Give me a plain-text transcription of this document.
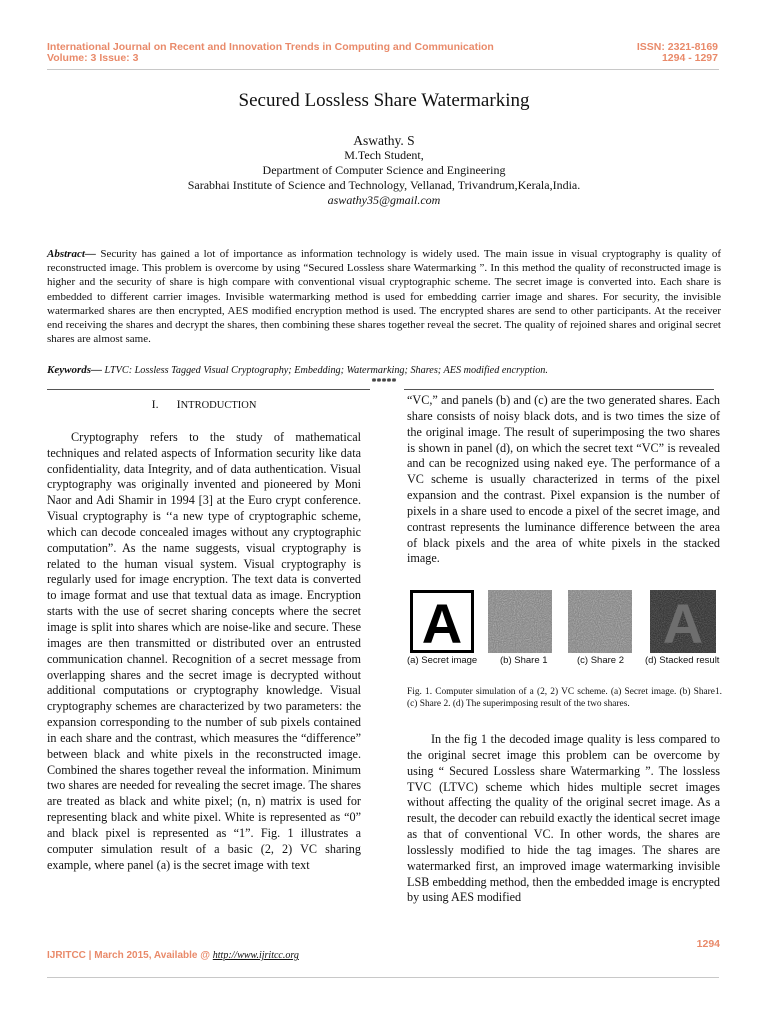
International Journal on Recent and Innovation Trends in Computing and Communication
Volume: 3 Issue: 3
ISSN: 2321-8169
1294 - 1297
Secured Lossless Share Watermarking
Aswathy. S
M.Tech Student,
Department of Computer Science and Engineering
Sarabhai Institute of Science and Technology, Vellanad, Trivandrum,Kerala,India.
aswathy35@gmail.com
Abstract— Security has gained a lot of importance as information technology is widely used. The main issue in visual cryptography is quality of reconstructed image. This problem is overcome by using “Secured Lossless share Watermarking ”. In this method the quality of reconstructed image is higher and the security of share is high compare with conventional visual cryptographic scheme. The secret image is converted into. Each share is embedded to different carrier images. Invisible watermarking method is used for embedding carrier image and shares. For security, the invisible watermarked shares are then encrypted, AES modified encryption method is used. The encrypted shares are send to other participants. At the receiver end receiving the shares and decrypt the shares, then combining these shares together reveal the secret. The quality of rejoined shares and original secret shares are almost same.
Keywords— LTVC: Lossless Tagged Visual Cryptography; Embedding; Watermarking; Shares; AES modified encryption.
*****

I. INTRODUCTION

Cryptography refers to the study of mathematical techniques and related aspects of Information security like data confidentiality, data Integrity, and of data authentication. Visual cryptography was originally invented and pioneered by Moni Naor and Adi Shamir in 1994 [3] at the Euro crypt conference. Visual cryptography is ‘‘a new type of cryptographic scheme, which can decode concealed images without any cryptographic computation”. As the name suggests, visual cryptography is related to the human visual system. Visual cryptography is regularly used for image encryption. The text data is converted to image format and use that textual data as image. Encryption starts with the use of secret sharing concepts where the secret image is split into shares which are noise-like and secure. These images are then transmitted or distributed over an entrusted communication channel. Recognition of a secret message from overlapping shares and the secret image is decrypted without additional computations or cryptography knowledge. Visual cryptography schemes are characterized by two parameters: the expansion corresponding to the number of sub pixels contained in each share and the contrast, which measures the “difference” between black and white pixels in the reconstructed image. Combined the shares together reveal the information. Minimum two shares are needed for revealing the secret image. The shares are treated as black and white pixel; (n, n) matrix is used for representing black and white pixel. White is represented as “0” and black pixel is represented as “1”. Fig. 1 illustrates a computer simulation result of a basic (2, 2) VC sharing example, where panel (a) is the secret image with text

“VC,” and panels (b) and (c) are the two generated shares. Each share consists of noisy black dots, and is two times the size of the original image. The result of superimposing the two shares is shown in panel (d), on which the secret text “VC” is revealed and can be recognized using naked eye. The performance of a VC scheme is usually characterized in terms of the pixel expansion and the contrast. Pixel expansion is the number of pixels in a share used to encode a pixel of the secret image, and contrast represents the luminance difference between the area of black pixels and the area of white pixels in the stacked image.

A	A
(a) Secret image (b) Share 1	(c) Share 2 (d) Stacked result
Fig. 1. Computer simulation of a (2, 2) VC scheme. (a) Secret image. (b) Share1. (c) Share 2. (d) The superimposing result of the two shares.

In the fig 1 the decoded image quality is less compared to the original secret image this problem can be overcome by using “ Secured Lossless share Watermarking ”. The lossless TVC (LTVC) scheme which hides multiple secret images without affecting the quality of the original secret image. As a result, the decoder can rebuild exactly the identical secret image as that of conventional VC. In other words, the shares are losslessly modified to hide the tag images. The shares are watermarked first, an improved image watermarking invisible LSB embedding method, then the embedded image is encrypted by using AES modified

1294
IJRITCC | March 2015, Available @ http://www.ijritcc.org
